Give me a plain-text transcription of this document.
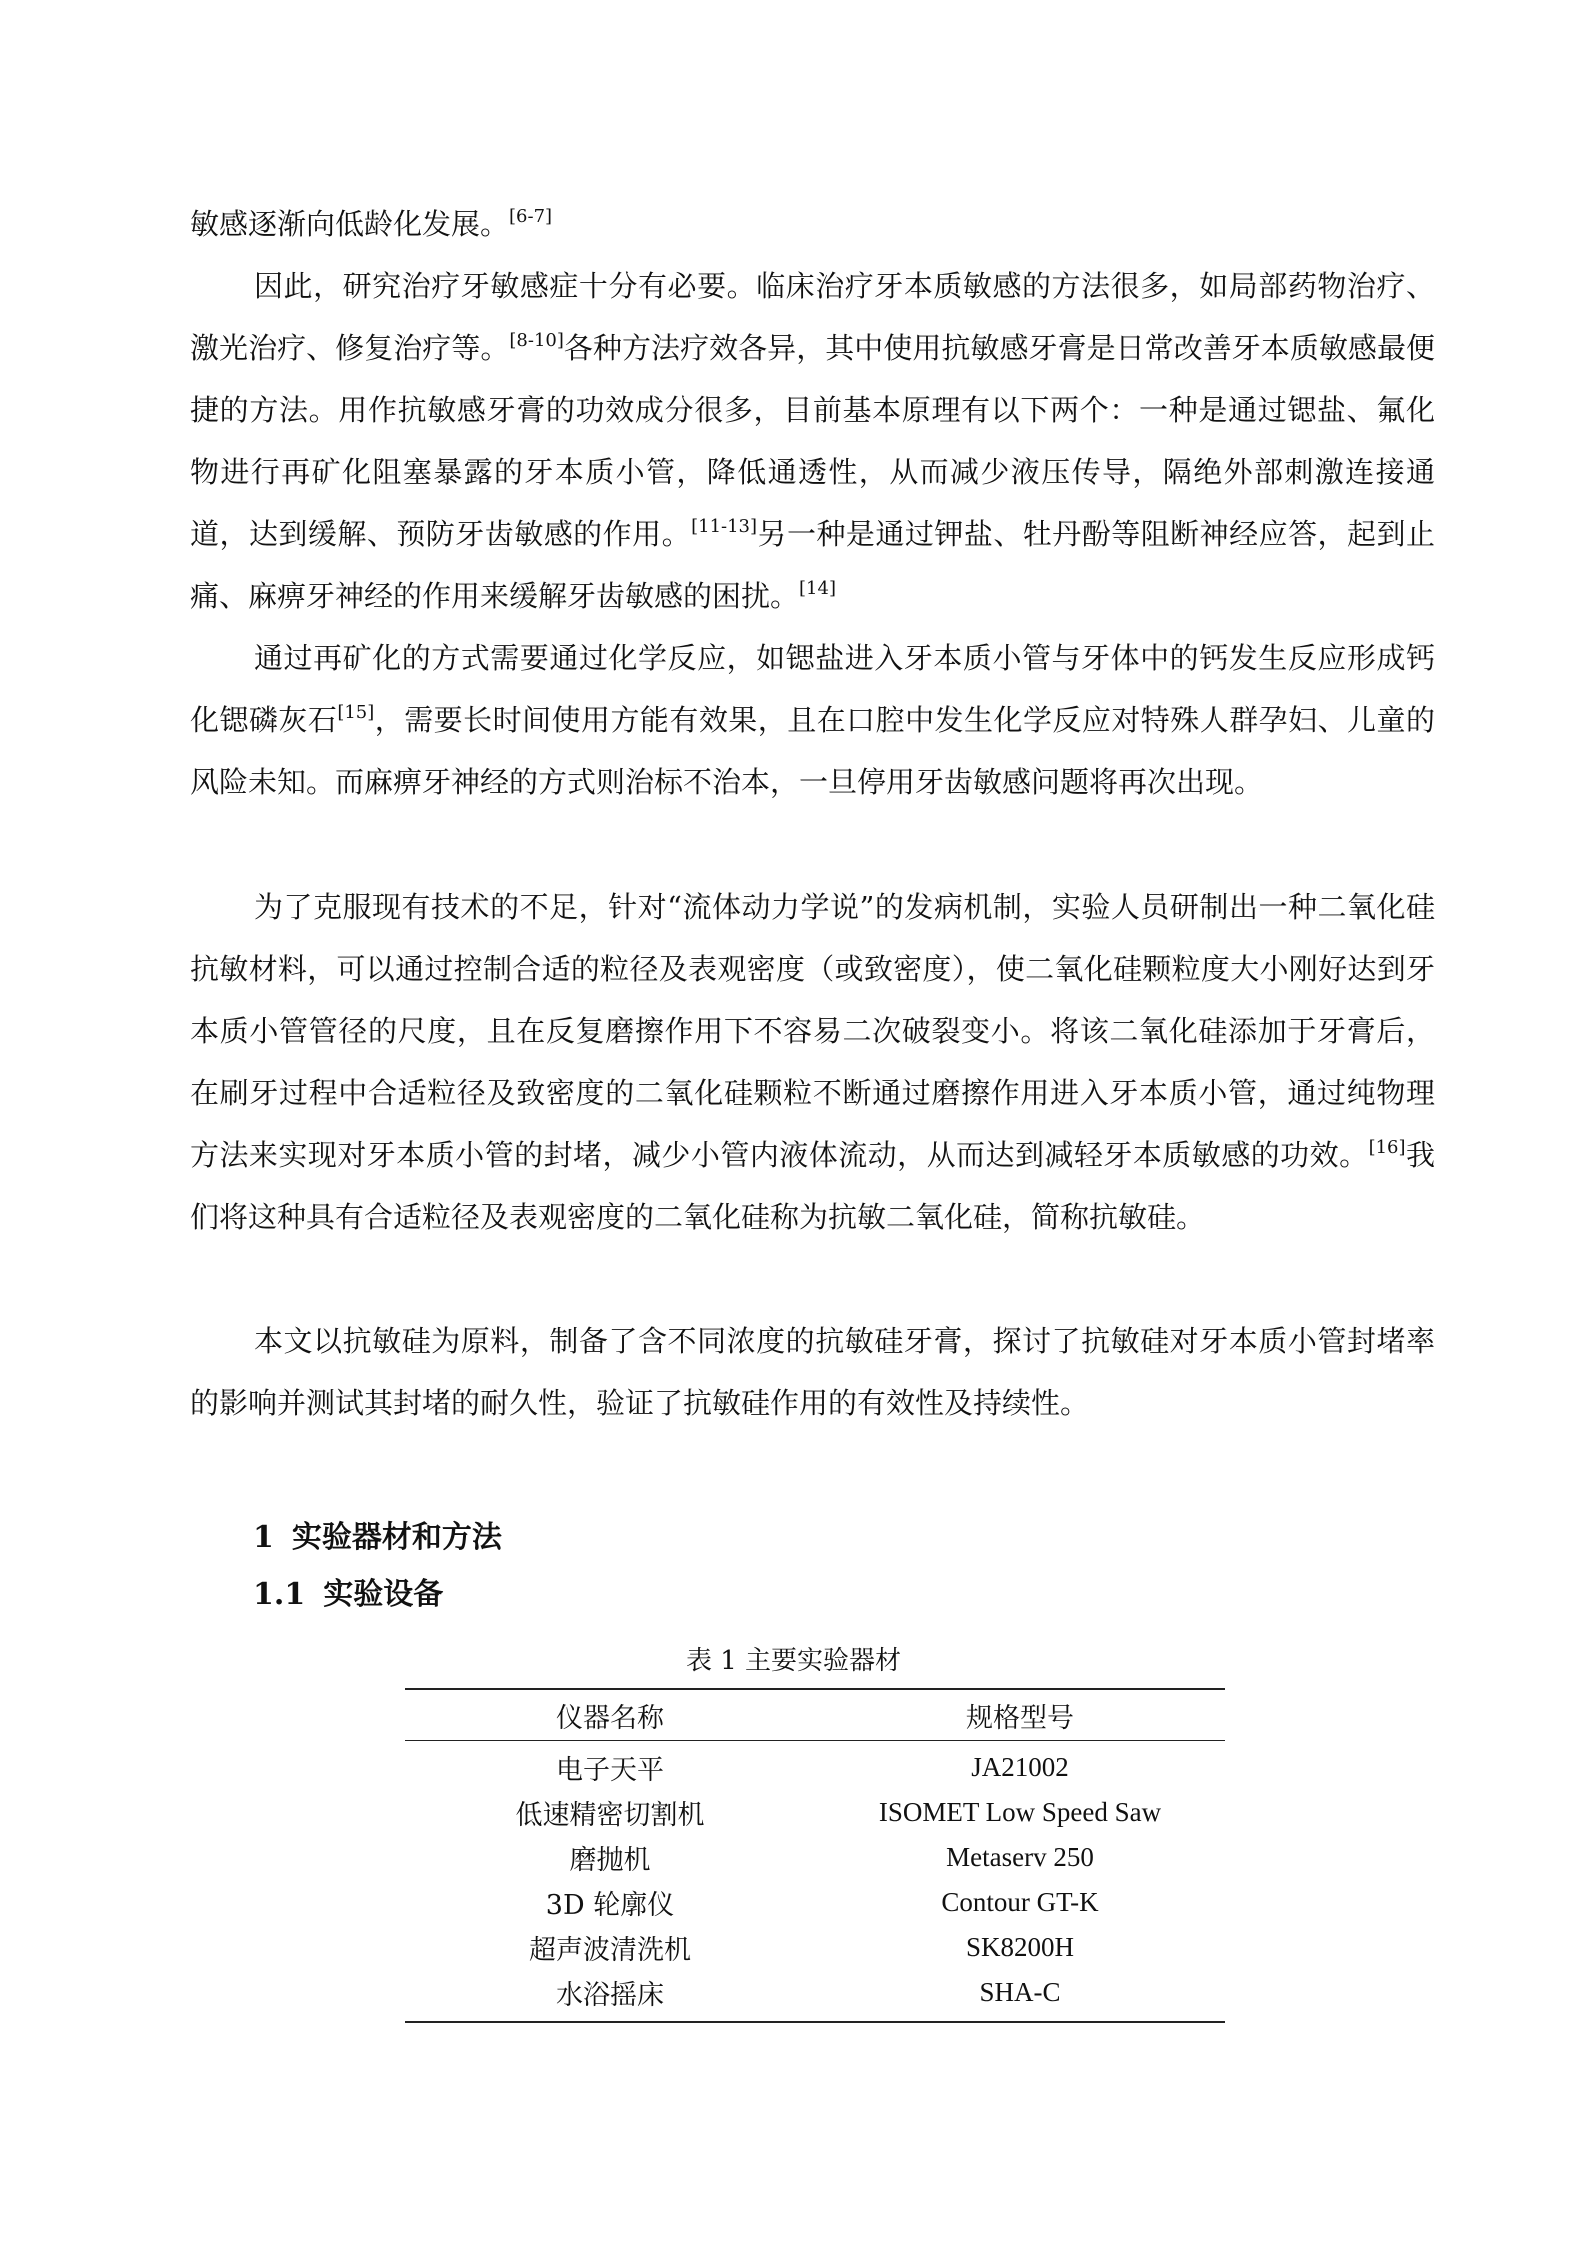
敏感逐渐向低龄化发展。[6-7]

因此，研究治疗牙敏感症十分有必要。临床治疗牙本质敏感的方法很多，如局部药物治疗、激光治疗、修复治疗等。[8-10]各种方法疗效各异，其中使用抗敏感牙膏是日常改善牙本质敏感最便捷的方法。用作抗敏感牙膏的功效成分很多，目前基本原理有以下两个：一种是通过锶盐、氟化物进行再矿化阻塞暴露的牙本质小管，降低通透性，从而减少液压传导，隔绝外部刺激连接通道，达到缓解、预防牙齿敏感的作用。[11-13]另一种是通过钾盐、牡丹酚等阻断神经应答，起到止痛、麻痹牙神经的作用来缓解牙齿敏感的困扰。[14]

通过再矿化的方式需要通过化学反应，如锶盐进入牙本质小管与牙体中的钙发生反应形成钙化锶磷灰石[15]，需要长时间使用方能有效果，且在口腔中发生化学反应对特殊人群孕妇、儿童的风险未知。而麻痹牙神经的方式则治标不治本，一旦停用牙齿敏感问题将再次出现。

为了克服现有技术的不足，针对“流体动力学说”的发病机制，实验人员研制出一种二氧化硅抗敏材料，可以通过控制合适的粒径及表观密度（或致密度），使二氧化硅颗粒度大小刚好达到牙本质小管管径的尺度，且在反复磨擦作用下不容易二次破裂变小。将该二氧化硅添加于牙膏后，在刷牙过程中合适粒径及致密度的二氧化硅颗粒不断通过磨擦作用进入牙本质小管，通过纯物理方法来实现对牙本质小管的封堵，减少小管内液体流动，从而达到减轻牙本质敏感的功效。[16]我们将这种具有合适粒径及表观密度的二氧化硅称为抗敏二氧化硅，简称抗敏硅。

本文以抗敏硅为原料，制备了含不同浓度的抗敏硅牙膏，探讨了抗敏硅对牙本质小管封堵率的影响并测试其封堵的耐久性，验证了抗敏硅作用的有效性及持续性。

1 实验器材和方法
1.1 实验设备
表 1 主要实验器材
仪器名称	规格型号
电子天平	JA21002
低速精密切割机	ISOMET Low Speed Saw
磨抛机	Metaserv 250
3D 轮廓仪	Contour GT-K
超声波清洗机	SK8200H
水浴摇床	SHA-C
